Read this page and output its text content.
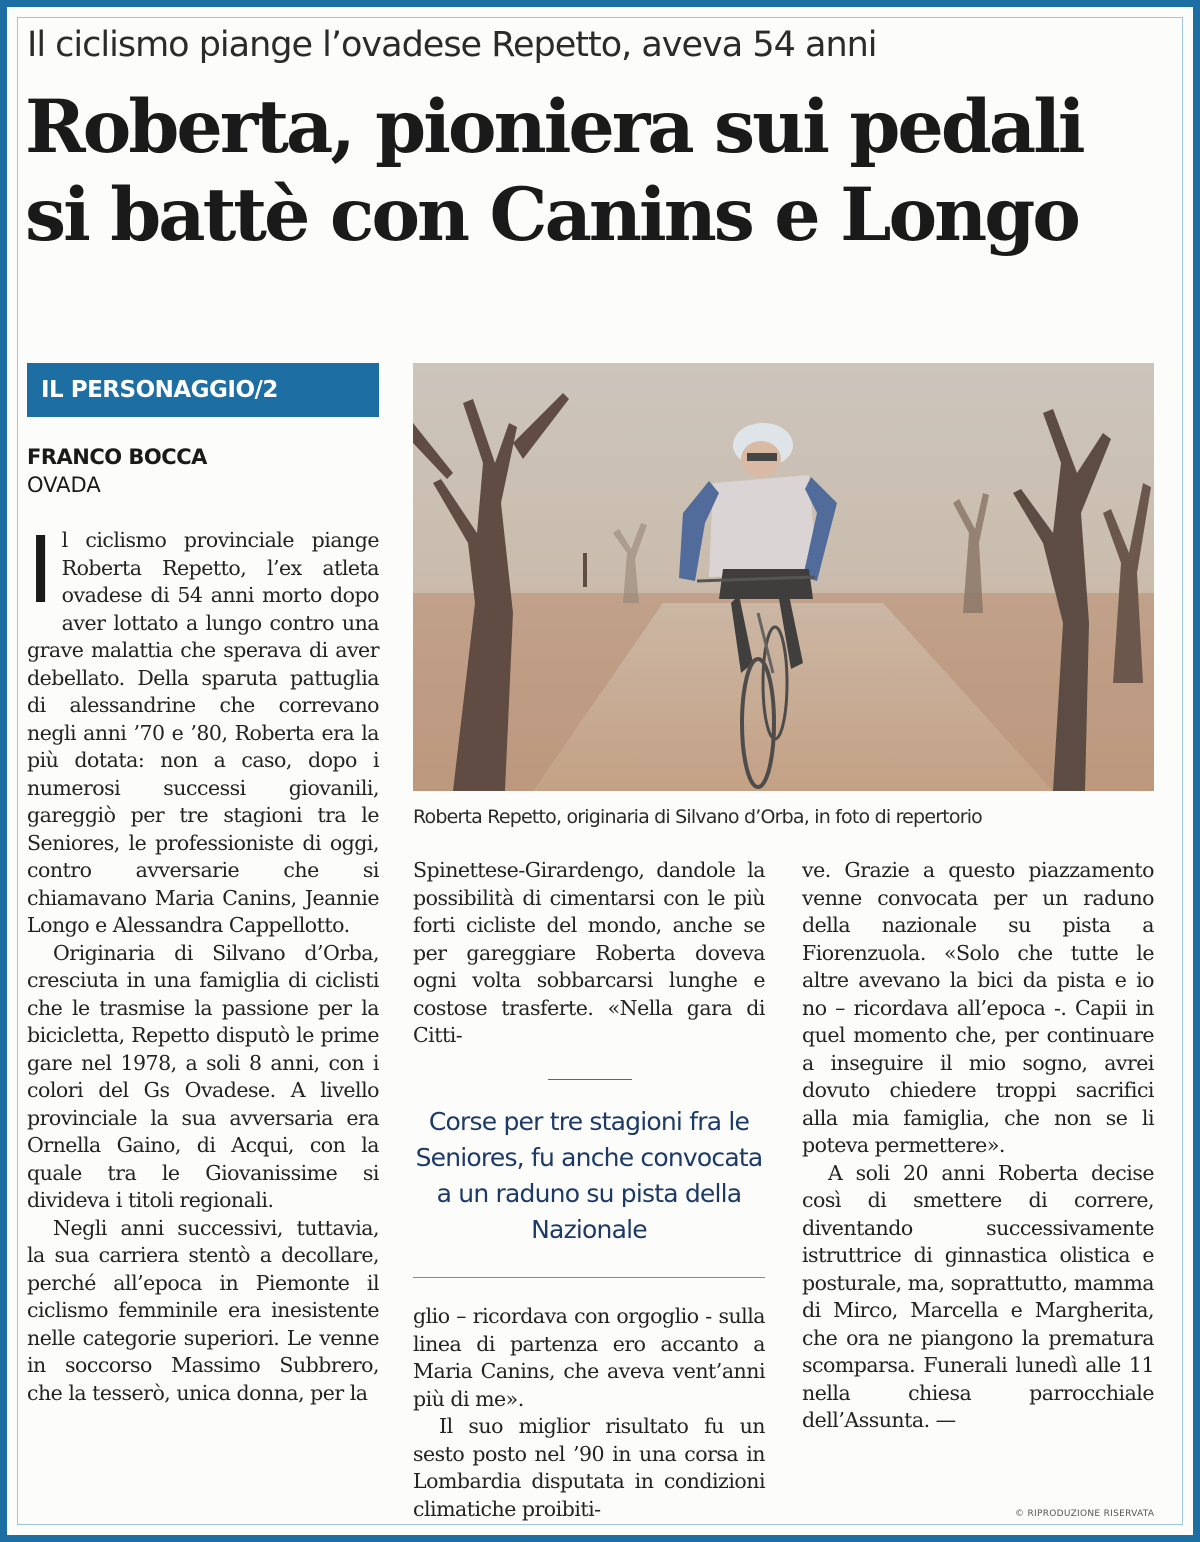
Il ciclismo piange l’ovadese Repetto, aveva 54 anni
Roberta, pioniera sui pedali
si battè con Canins e Longo
IL PERSONAGGIO/2
FRANCO BOCCA
OVADA

Il ciclismo provinciale piange Roberta Repetto, l’ex atleta ovadese di 54 anni morto dopo aver lottato a lungo contro una grave malattia che sperava di aver debellato. Della sparuta pattuglia di alessandrine che correvano negli anni ’70 e ’80, Roberta era la più dotata: non a caso, dopo i numerosi successi giovanili, gareggiò per tre stagioni tra le Seniores, le professioniste di oggi, contro avversarie che si chiamavano Maria Canins, Jeannie Longo e Alessandra Cappellotto.

Originaria di Silvano d’Orba, cresciuta in una famiglia di ciclisti che le trasmise la passione per la bicicletta, Repetto disputò le prime gare nel 1978, a soli 8 anni, con i colori del Gs Ovadese. A livello provinciale la sua avversaria era Ornella Gaino, di Acqui, con la quale tra le Giovanissime si divideva i titoli regionali.

Negli anni successivi, tuttavia, la sua carriera stentò a decollare, perché all’epoca in Piemonte il ciclismo femminile era inesistente nelle categorie superiori. Le venne in soccorso Massimo Subbrero, che la tesserò, unica donna, per la

Roberta Repetto, originaria di Silvano d’Orba, in foto di repertorio

Spinettese-Girardengo, dandole la possibilità di cimentarsi con le più forti cicliste del mondo, anche se per gareggiare Roberta doveva ogni volta sobbarcarsi lunghe e costose trasferte. «Nella gara di Citti-

Corse per tre stagioni fra le Seniores, fu anche convocata a un raduno su pista della Nazionale

glio – ricordava con orgoglio - sulla linea di partenza ero accanto a Maria Canins, che aveva vent’anni più di me».

Il suo miglior risultato fu un sesto posto nel ’90 in una corsa in Lombardia disputata in condizioni climatiche proibiti-

ve. Grazie a questo piazzamento venne convocata per un raduno della nazionale su pista a Fiorenzuola. «Solo che tutte le altre avevano la bici da pista e io no – ricordava all’epoca -. Capii in quel momento che, per continuare a inseguire il mio sogno, avrei dovuto chiedere troppi sacrifici alla mia famiglia, che non se li poteva permettere».

A soli 20 anni Roberta decise così di smettere di correre, diventando successivamente istruttrice di ginnastica olistica e posturale, ma, soprattutto, mamma di Mirco, Marcella e Margherita, che ora ne piangono la prematura scomparsa. Funerali lunedì alle 11 nella chiesa parrocchiale dell’Assunta. —

© RIPRODUZIONE RISERVATA
